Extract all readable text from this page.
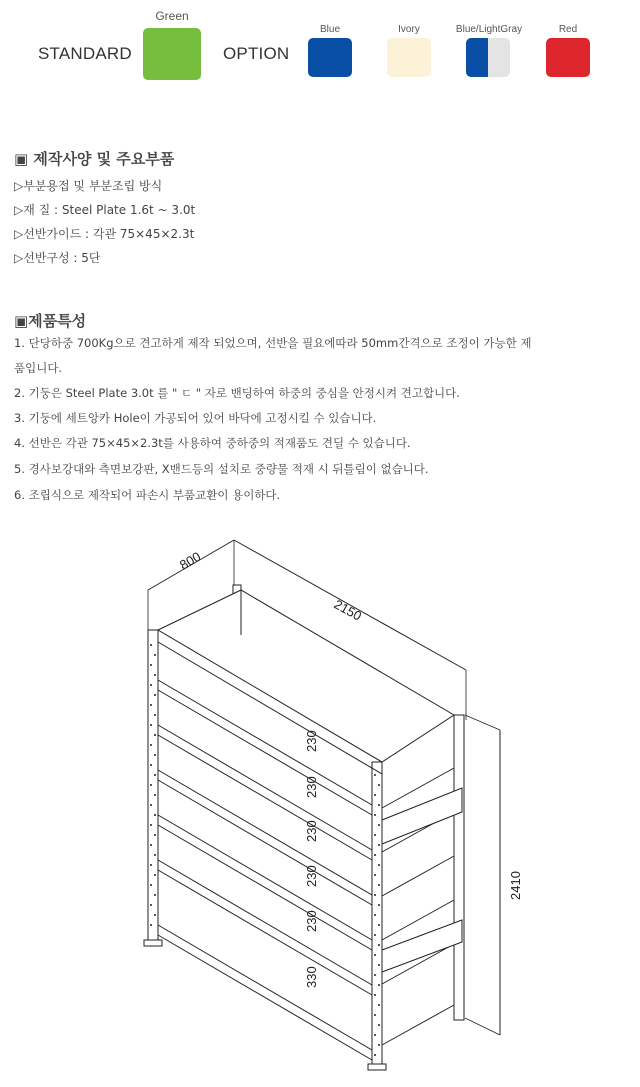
STANDARD
Green
OPTION
Blue	Ivory	Blue/LightGray	Red
▣ 제작사양 및 주요부품
▷부분용접 및 부분조립 방식
▷재 질 : Steel Plate 1.6t ~ 3.0t
▷선반가이드 : 각관 75×45×2.3t
▷선반구성 : 5단
▣제품특성
1. 단당하중 700Kg으로 견고하게 제작 되었으며, 선반을 필요에따라 50mm간격으로 조정이 가능한 제
품입니다.
2. 기둥은 Steel Plate 3.0t 를 " ㄷ " 자로 밴딩하여 하중의 중심을 안정시켜 견고합니다.
3. 기둥에 세트앙카 Hole이 가공되어 있어 바닥에 고정시킬 수 있습니다.
4. 선반은 각관 75×45×2.3t를 사용하여 중하중의 적재품도 견딜 수 있습니다.
5. 경사보강대와 측면보강판, X밴드등의 설치로 중량물 적재 시 뒤틀림이 없습니다.
6. 조립식으로 제작되어 파손시 부품교환이 용이하다.
800
2150
2410
230
230
230
230
230
330
